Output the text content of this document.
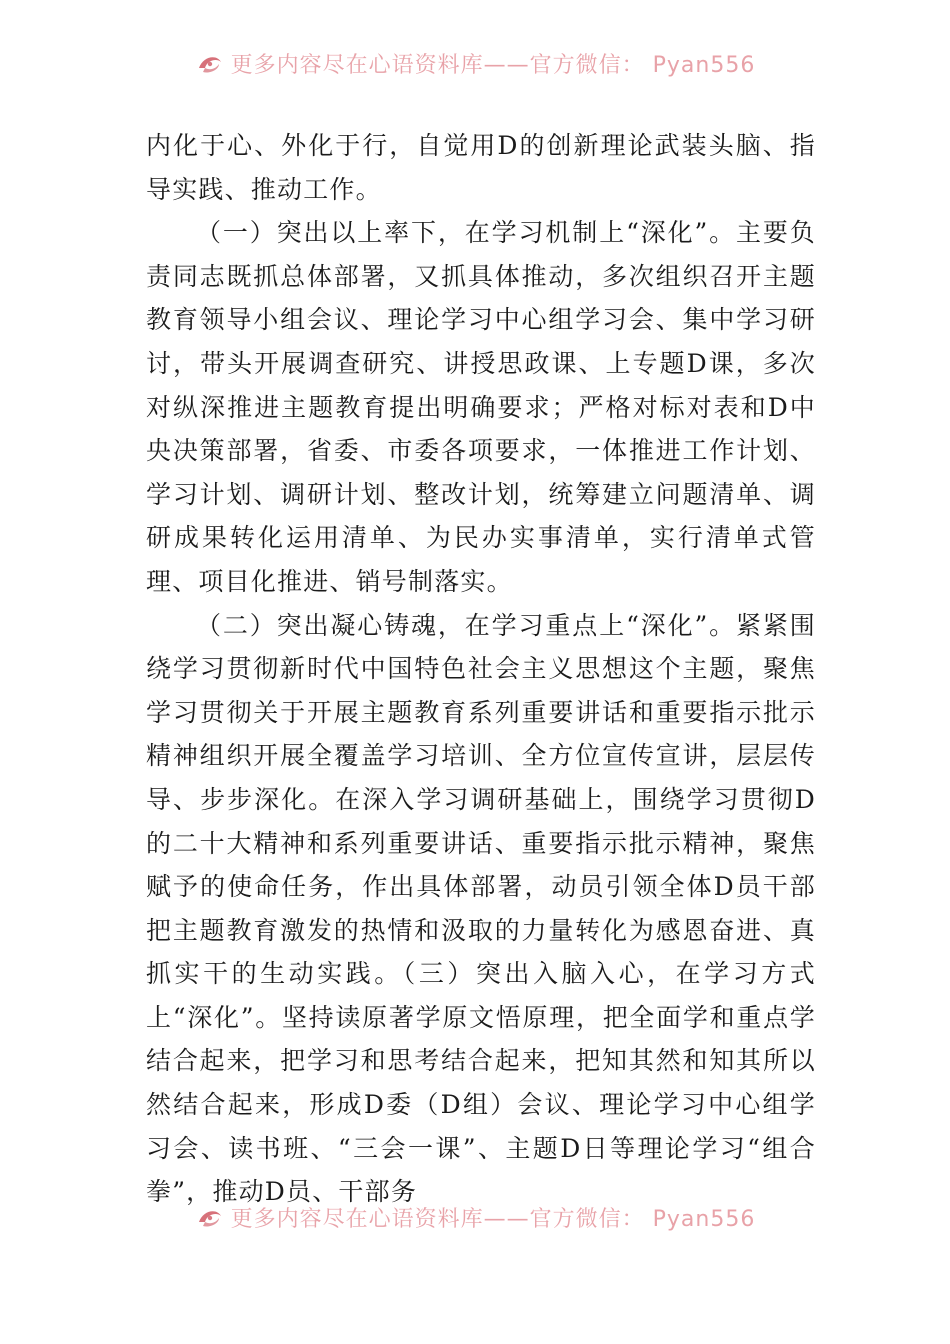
更多内容尽在心语资料库——官方微信： Pyan556

内化于心、外化于行，自觉用D的创新理论武装头脑、指导实践、推动工作。

（一）突出以上率下，在学习机制上“深化”。主要负责同志既抓总体部署，又抓具体推动，多次组织召开主题教育领导小组会议、理论学习中心组学习会、集中学习研讨，带头开展调查研究、讲授思政课、上专题D课，多次对纵深推进主题教育提出明确要求；严格对标对表和D中央决策部署，省委、市委各项要求，一体推进工作计划、学习计划、调研计划、整改计划，统筹建立问题清单、调研成果转化运用清单、为民办实事清单，实行清单式管理、项目化推进、销号制落实。

（二）突出凝心铸魂，在学习重点上“深化”。紧紧围绕学习贯彻新时代中国特色社会主义思想这个主题，聚焦学习贯彻关于开展主题教育系列重要讲话和重要指示批示精神组织开展全覆盖学习培训、全方位宣传宣讲，层层传导、步步深化。在深入学习调研基础上，围绕学习贯彻D的二十大精神和系列重要讲话、重要指示批示精神，聚焦赋予的使命任务，作出具体部署，动员引领全体D员干部把主题教育激发的热情和汲取的力量转化为感恩奋进、真抓实干的生动实践。（三）突出入脑入心，在学习方式上“深化”。坚持读原著学原文悟原理，把全面学和重点学结合起来，把学习和思考结合起来，把知其然和知其所以然结合起来，形成D委（D组）会议、理论学习中心组学习会、读书班、“三会一课”、主题D日等理论学习“组合拳”，推动D员、干部务

更多内容尽在心语资料库——官方微信： Pyan556
